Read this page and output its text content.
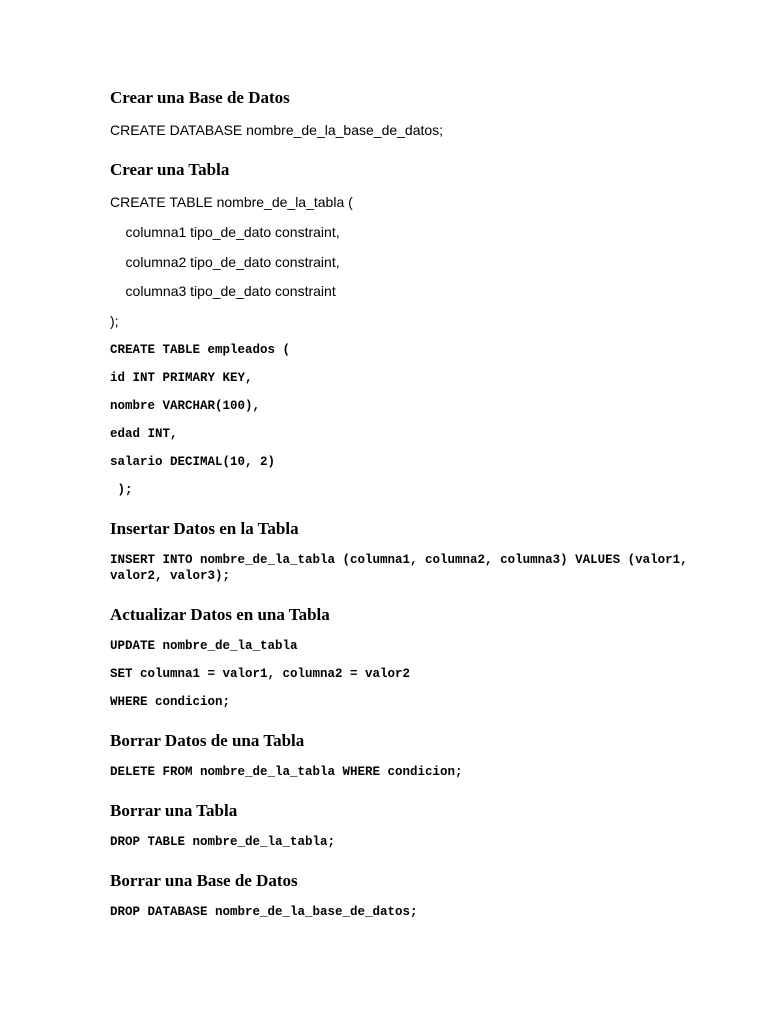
Crear una Base de Datos
CREATE DATABASE nombre_de_la_base_de_datos;
Crear una Tabla
CREATE TABLE nombre_de_la_tabla (
columna1 tipo_de_dato constraint,
columna2 tipo_de_dato constraint,
columna3 tipo_de_dato constraint
);
CREATE TABLE empleados (
id INT PRIMARY KEY,
nombre VARCHAR(100),
edad INT,
salario DECIMAL(10, 2)
);
Insertar Datos en la Tabla
INSERT INTO nombre_de_la_tabla (columna1, columna2, columna3) VALUES (valor1,
valor2, valor3);
Actualizar Datos en una Tabla
UPDATE nombre_de_la_tabla
SET columna1 = valor1, columna2 = valor2
WHERE condicion;
Borrar Datos de una Tabla
DELETE FROM nombre_de_la_tabla WHERE condicion;
Borrar una Tabla
DROP TABLE nombre_de_la_tabla;
Borrar una Base de Datos
DROP DATABASE nombre_de_la_base_de_datos;
